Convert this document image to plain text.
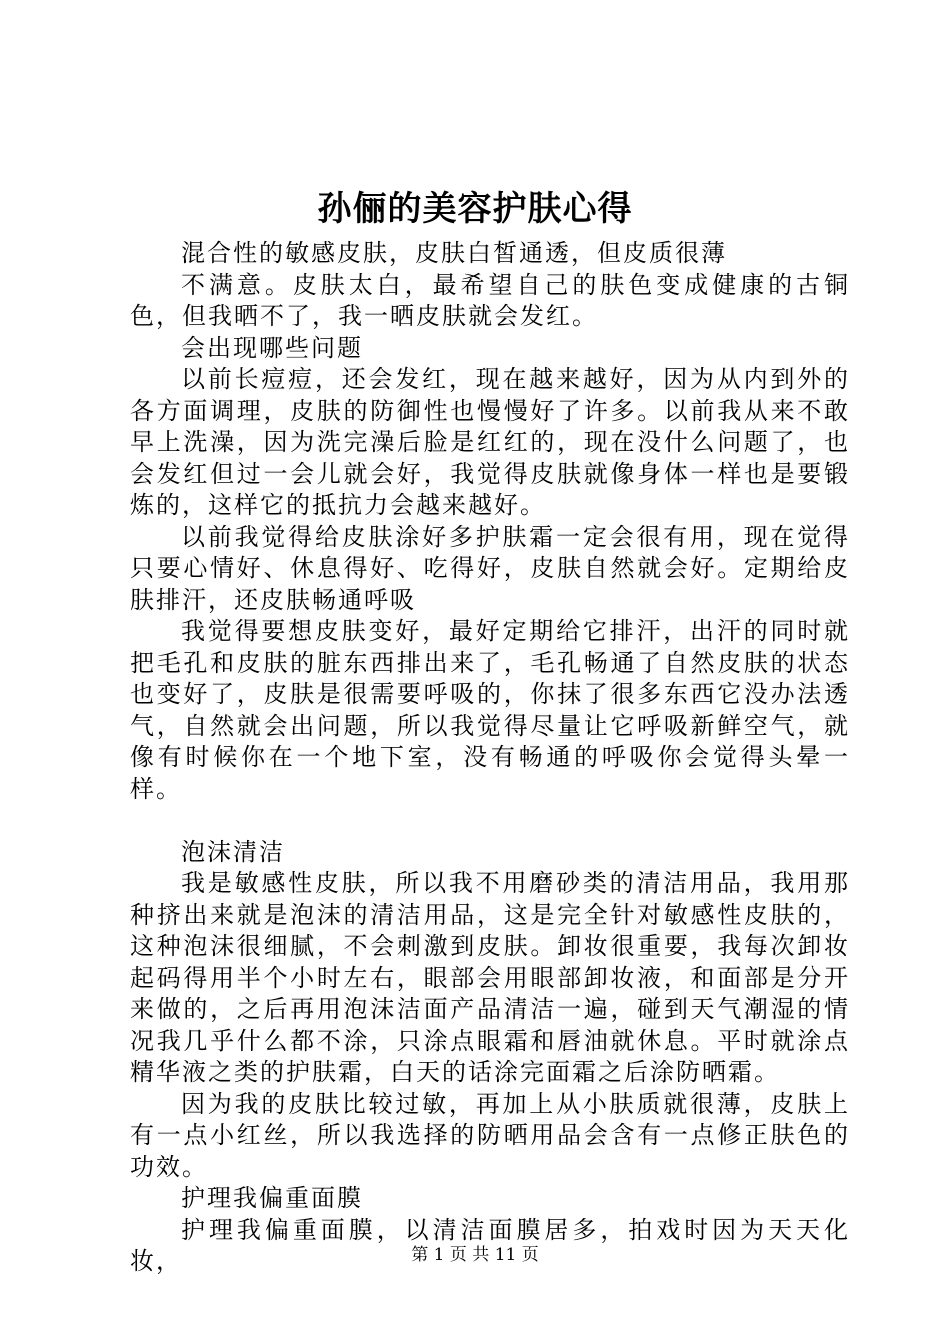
孙俪的美容护肤心得

混合性的敏感皮肤，皮肤白皙通透，但皮质很薄

不满意。皮肤太白，最希望自己的肤色变成健康的古铜色，但我晒不了，我一晒皮肤就会发红。

会出现哪些问题

以前长痘痘，还会发红，现在越来越好，因为从内到外的各方面调理，皮肤的防御性也慢慢好了许多。以前我从来不敢早上洗澡，因为洗完澡后脸是红红的，现在没什么问题了，也会发红但过一会儿就会好，我觉得皮肤就像身体一样也是要锻炼的，这样它的抵抗力会越来越好。

以前我觉得给皮肤涂好多护肤霜一定会很有用，现在觉得只要心情好、休息得好、吃得好，皮肤自然就会好。定期给皮肤排汗，还皮肤畅通呼吸

我觉得要想皮肤变好，最好定期给它排汗，出汗的同时就把毛孔和皮肤的脏东西排出来了，毛孔畅通了自然皮肤的状态也变好了，皮肤是很需要呼吸的，你抹了很多东西它没办法透气，自然就会出问题，所以我觉得尽量让它呼吸新鲜空气，就像有时候你在一个地下室，没有畅通的呼吸你会觉得头晕一样。

泡沫清洁

我是敏感性皮肤，所以我不用磨砂类的清洁用品，我用那种挤出来就是泡沫的清洁用品，这是完全针对敏感性皮肤的，这种泡沫很细腻，不会刺激到皮肤。卸妆很重要，我每次卸妆起码得用半个小时左右，眼部会用眼部卸妆液，和面部是分开来做的，之后再用泡沫洁面产品清洁一遍，碰到天气潮湿的情况我几乎什么都不涂，只涂点眼霜和唇油就休息。平时就涂点精华液之类的护肤霜，白天的话涂完面霜之后涂防晒霜。

因为我的皮肤比较过敏，再加上从小肤质就很薄，皮肤上有一点小红丝，所以我选择的防晒用品会含有一点修正肤色的功效。

护理我偏重面膜

护理我偏重面膜，以清洁面膜居多，拍戏时因为天天化妆，	第 1 页 共 11 页
